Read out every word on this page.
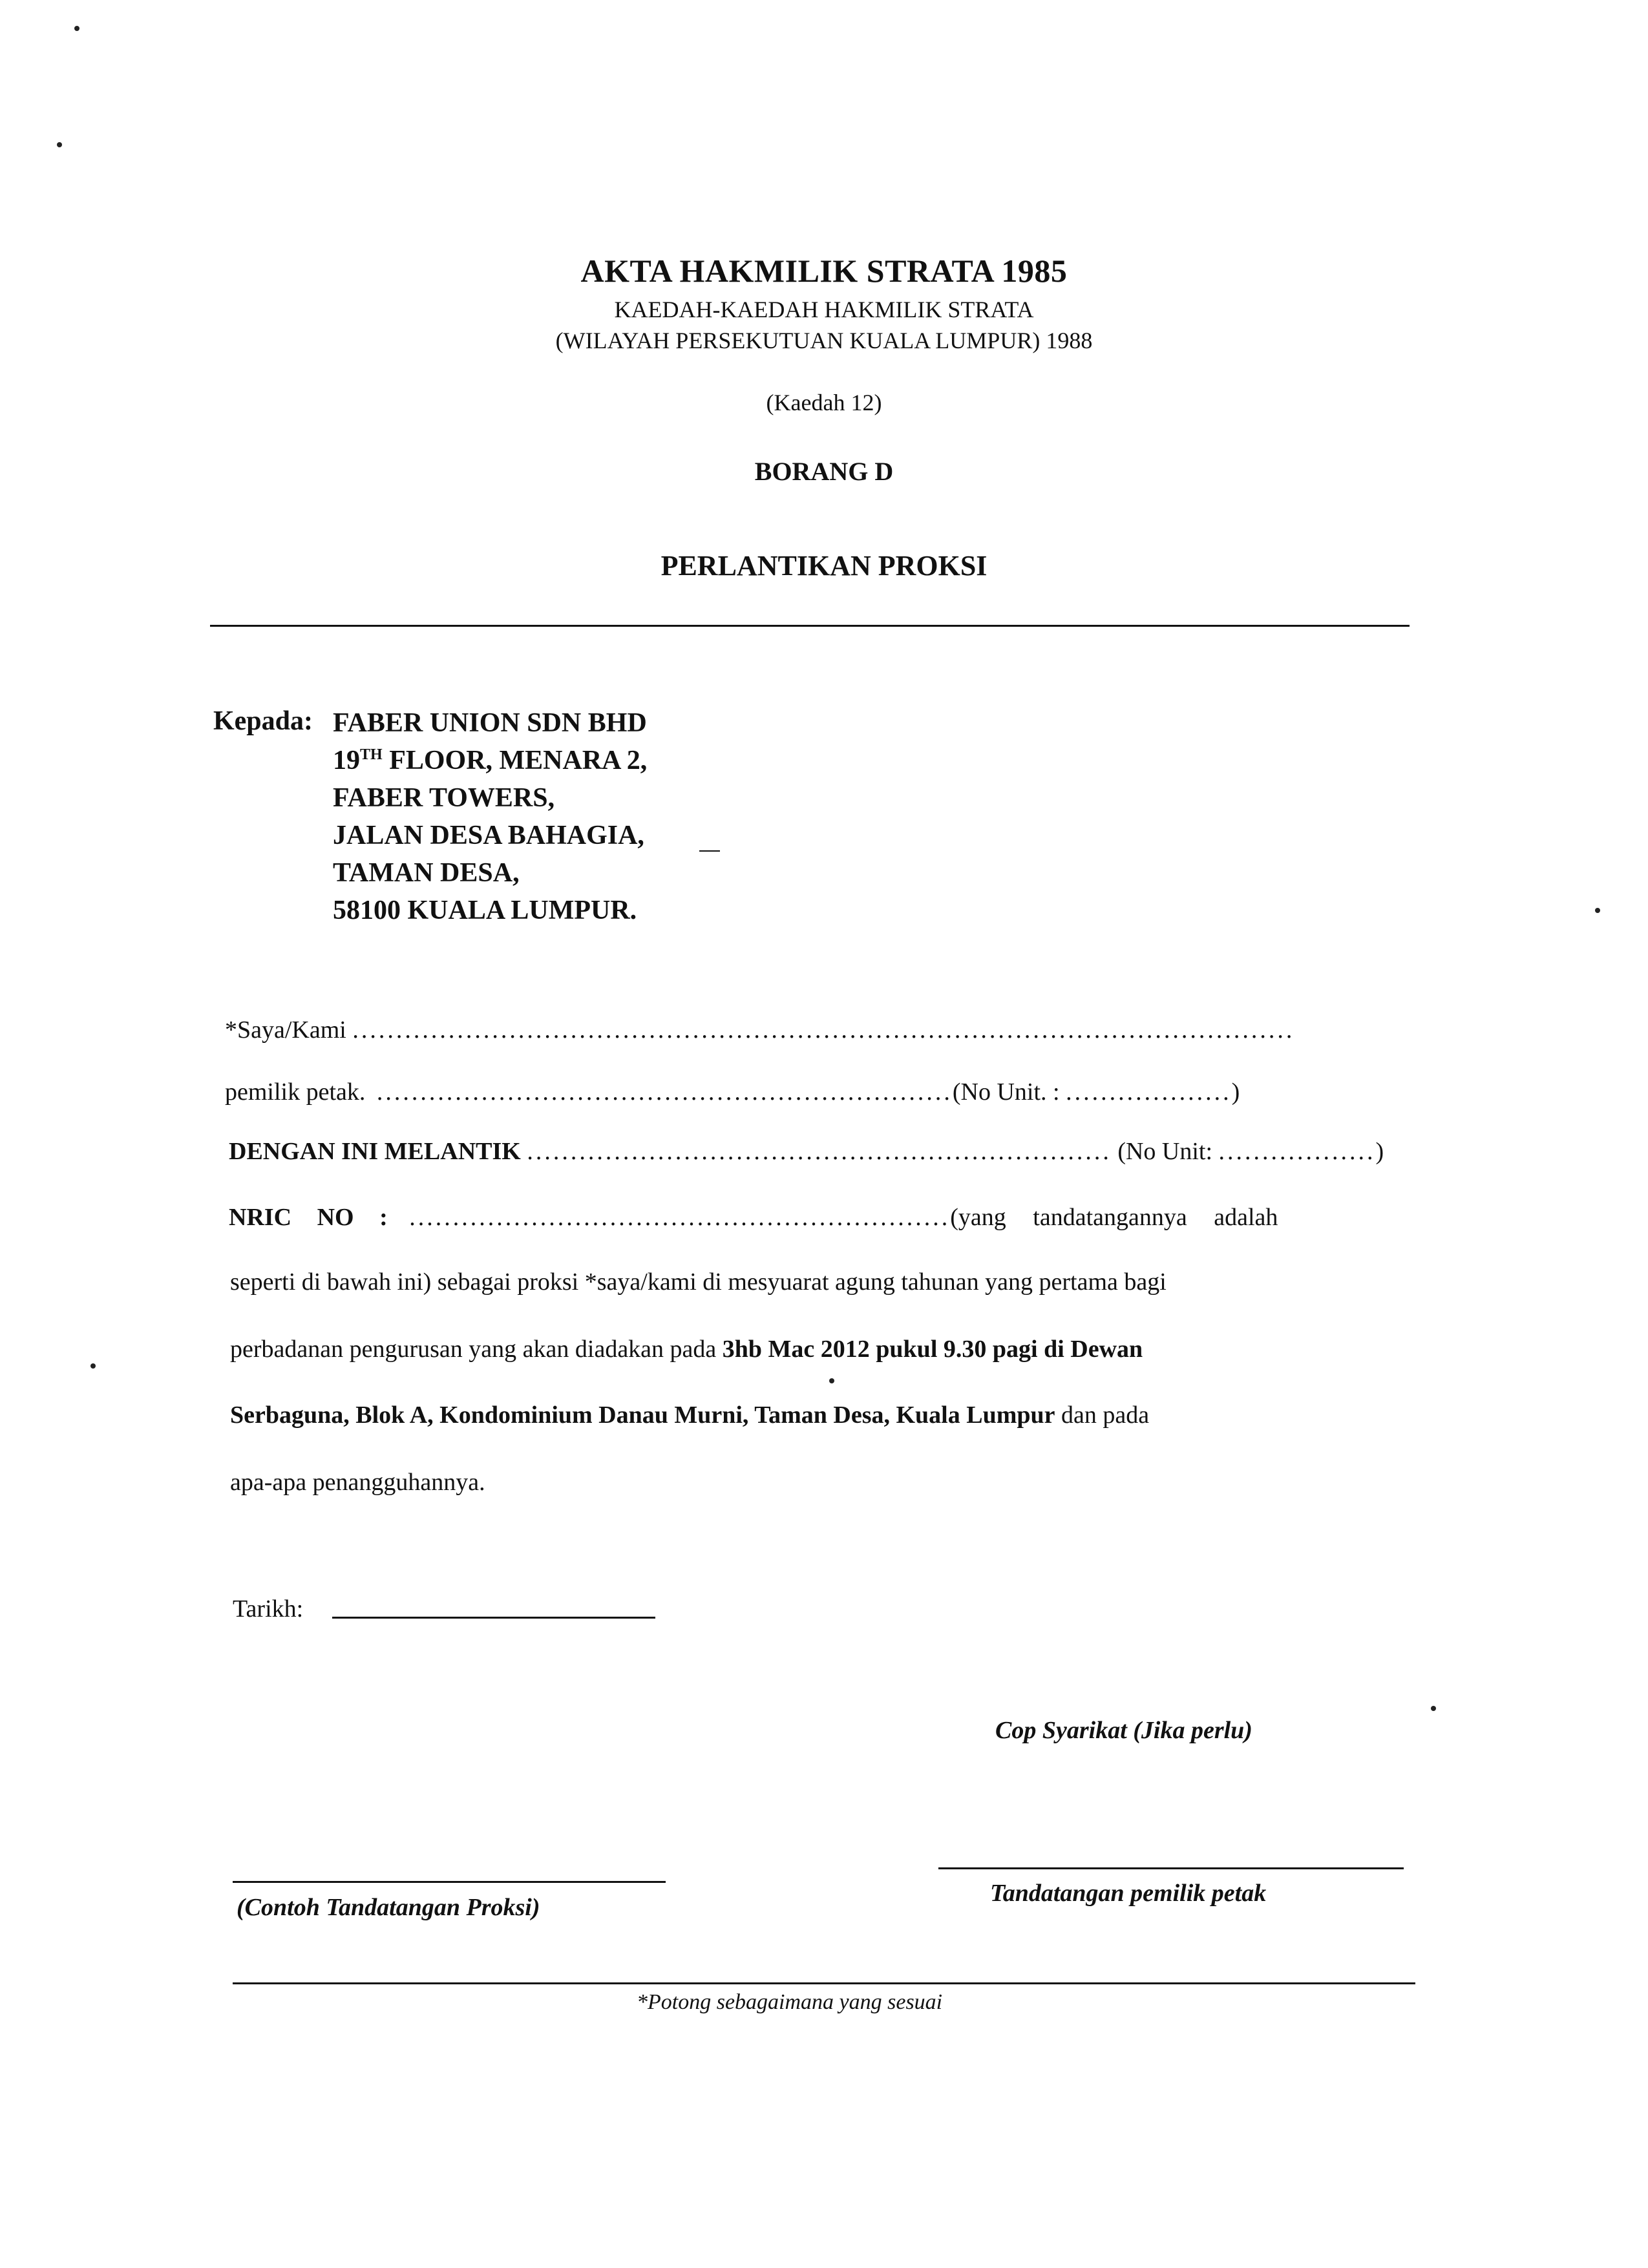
AKTA HAKMILIK STRATA 1985
KAEDAH-KAEDAH HAKMILIK STRATA
(WILAYAH PERSEKUTUAN KUALA LUMPUR) 1988
(Kaedah 12)
BORANG D
PERLANTIKAN PROKSI
Kepada: FABER UNION SDN BHD
19TH FLOOR, MENARA 2,
FABER TOWERS,
JALAN DESA BAHAGIA,
TAMAN DESA,
58100 KUALA LUMPUR.
*Saya/Kami ............................................................................................................
pemilik petak. ..................................................................(No Unit. : ...................)
DENGAN INI MELANTIK ................................................................... (No Unit: ..................)
NRIC NO : ..............................................................(yang tandatangannya adalah
seperti di bawah ini) sebagai proksi *saya/kami di mesyuarat agung tahunan yang pertama bagi
perbadanan pengurusan yang akan diadakan pada 3hb Mac 2012 pukul 9.30 pagi di Dewan
Serbaguna, Blok A, Kondominium Danau Murni, Taman Desa, Kuala Lumpur dan pada
apa-apa penangguhannya.
Tarikh:
Cop Syarikat (Jika perlu)
(Contoh Tandatangan Proksi)
Tandatangan pemilik petak
*Potong sebagaimana yang sesuai
